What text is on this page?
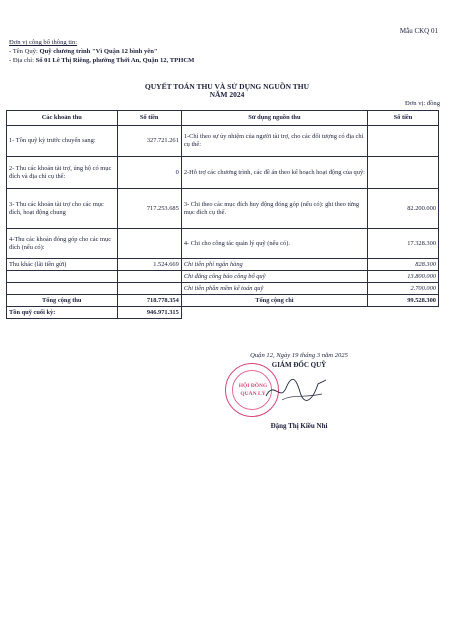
Mẫu CKQ 01
Đơn vị công bố thông tin:
- Tên Quỹ: Quỹ chương trình "Vì Quận 12 bình yên"
- Địa chỉ: Số 01 Lê Thị Riêng, phường Thới An, Quận 12, TPHCM
QUYẾT TOÁN THU VÀ SỬ DỤNG NGUỒN THU
NĂM 2024
Đơn vị: đồng
Các khoản thu	Số tiền	Sử dụng nguồn thu	Số tiền
1- Tồn quỹ kỳ trước chuyển sang:	327.721.261	1-Chỉ theo sự ủy nhiệm của người tài trợ, cho các đối tượng có địa chỉ cụ thể:	
2- Thu các khoản tài trợ, ủng hộ có mục đích và địa chỉ cụ thể:	0	2-Hỗ trợ các chương trình, các đề án theo kế hoạch hoạt động của quỹ:	
3- Thu các khoản tài trợ cho các mục đích, hoạt động chung	717.253.685	3- Chi theo các mục đích huy động đóng góp (nếu có): ghi theo từng mục đích cụ thể.	82.200.000
4-Thu các khoản đóng góp cho các mục đích (nếu có):		4- Chi cho công tác quản lý quỹ (nếu có).	17.328.300
Thu khác (lãi tiền gửi)	1.524.669	Chi tiền phí ngân hàng	828.300
		Chi đăng công báo công bố quỹ	13.800.000
		Chi tiền phần mềm kế toán quỹ	2.700.000
Tổng cộng thu	718.778.354	Tổng cộng chi	99.528.300
Tồn quỹ cuối kỳ:	946.971.315		
Quận 12, Ngày 19 tháng 3 năm 2025
GIÁM ĐỐC QUỸ
HỘI ĐỒNG
QUẢN LÝ
Đặng Thị Kiều Nhi
